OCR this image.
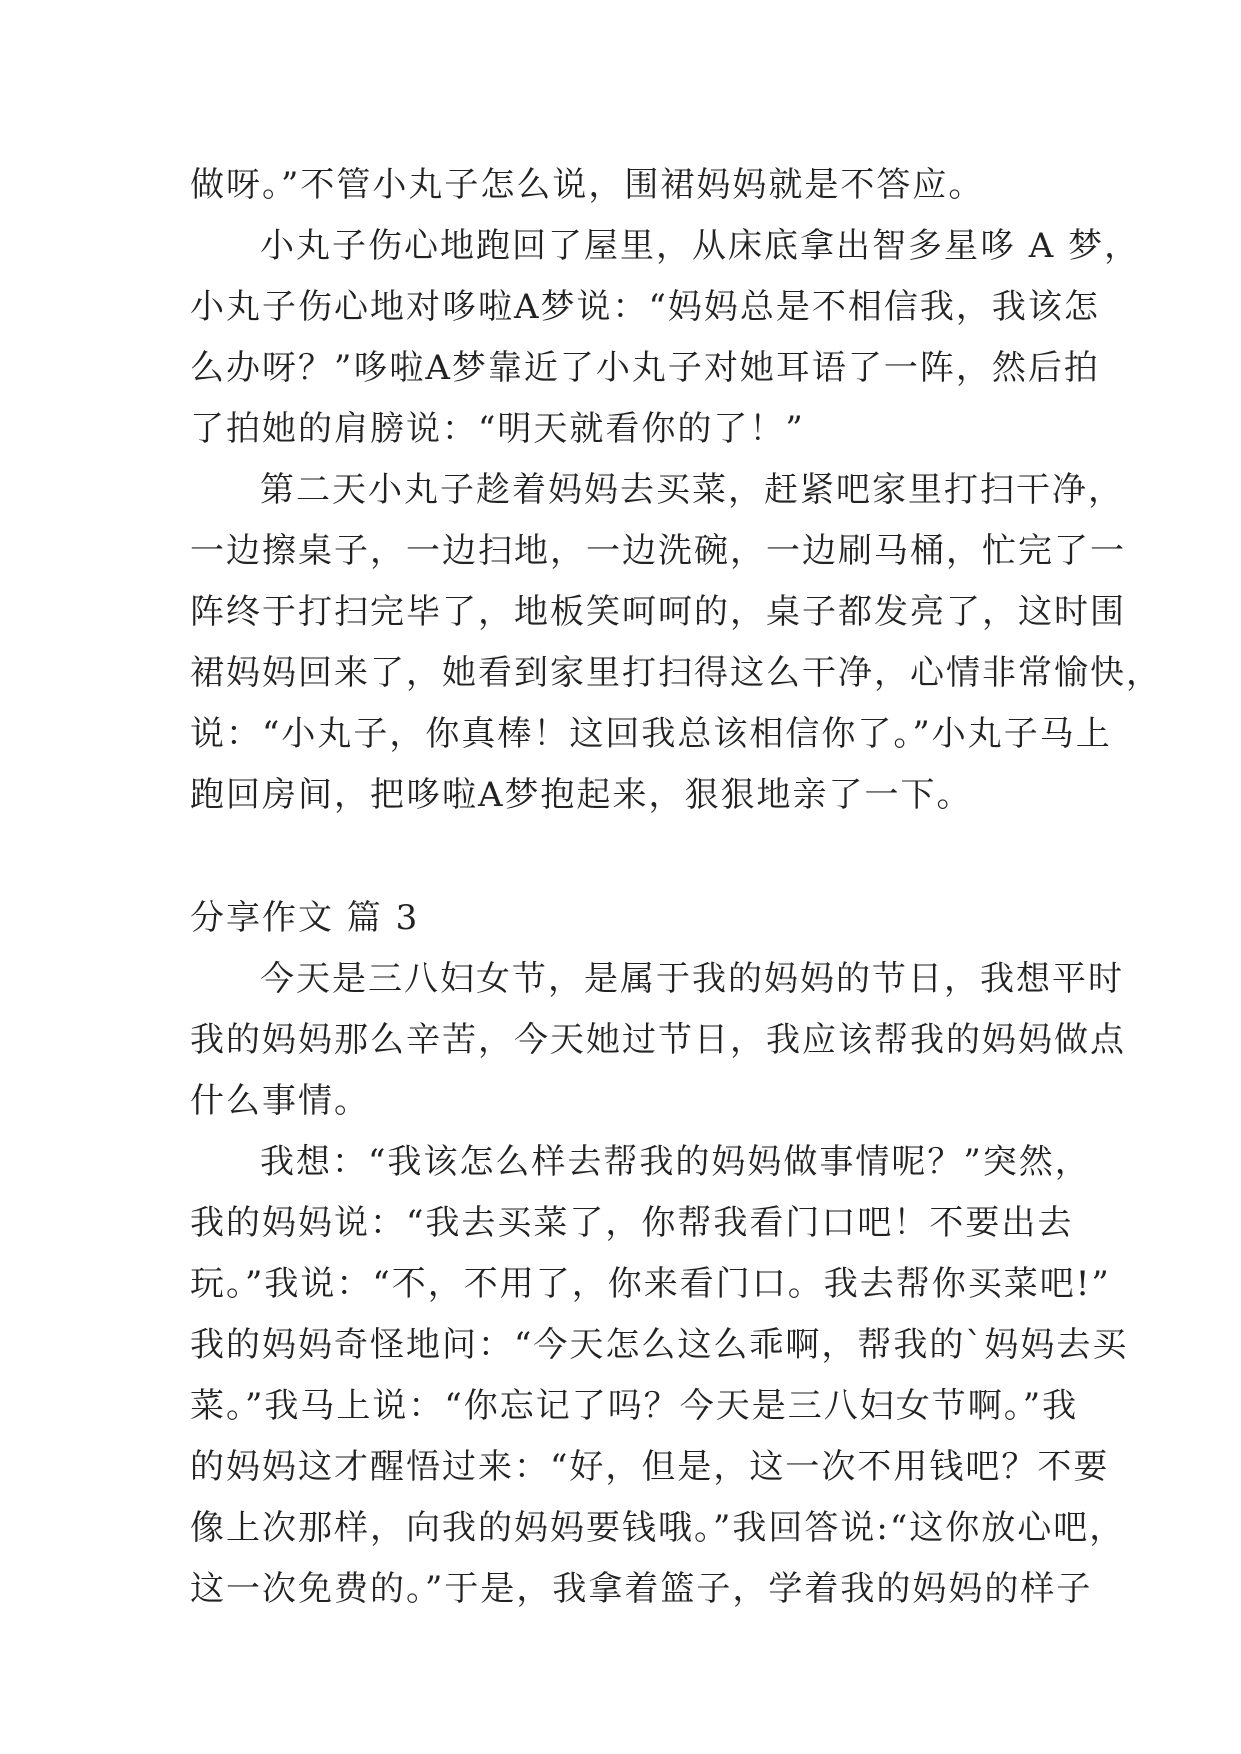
做呀。”不管小丸子怎么说，围裙妈妈就是不答应。
小丸子伤心地跑回了屋里，从床底拿出智多星哆 A 梦，
小丸子伤心地对哆啦A梦说：“妈妈总是不相信我，我该怎
么办呀？”哆啦A梦靠近了小丸子对她耳语了一阵，然后拍
了拍她的肩膀说：“明天就看你的了！”
第二天小丸子趁着妈妈去买菜，赶紧吧家里打扫干净，
一边擦桌子，一边扫地，一边洗碗，一边刷马桶，忙完了一
阵终于打扫完毕了，地板笑呵呵的，桌子都发亮了，这时围
裙妈妈回来了，她看到家里打扫得这么干净，心情非常愉快，
说：“小丸子，你真棒！这回我总该相信你了。”小丸子马上
跑回房间，把哆啦A梦抱起来，狠狠地亲了一下。
分享作文 篇 3
今天是三八妇女节，是属于我的妈妈的节日，我想平时
我的妈妈那么辛苦，今天她过节日，我应该帮我的妈妈做点
什么事情。
我想：“我该怎么样去帮我的妈妈做事情呢？”突然，
我的妈妈说：“我去买菜了，你帮我看门口吧！不要出去
玩。”我说：“不，不用了，你来看门口。我去帮你买菜吧!”
我的妈妈奇怪地问：“今天怎么这么乖啊，帮我的`妈妈去买
菜。”我马上说：“你忘记了吗？今天是三八妇女节啊。”我
的妈妈这才醒悟过来：“好，但是，这一次不用钱吧？不要
像上次那样，向我的妈妈要钱哦。”我回答说:“这你放心吧，
这一次免费的。”于是，我拿着篮子，学着我的妈妈的样子
